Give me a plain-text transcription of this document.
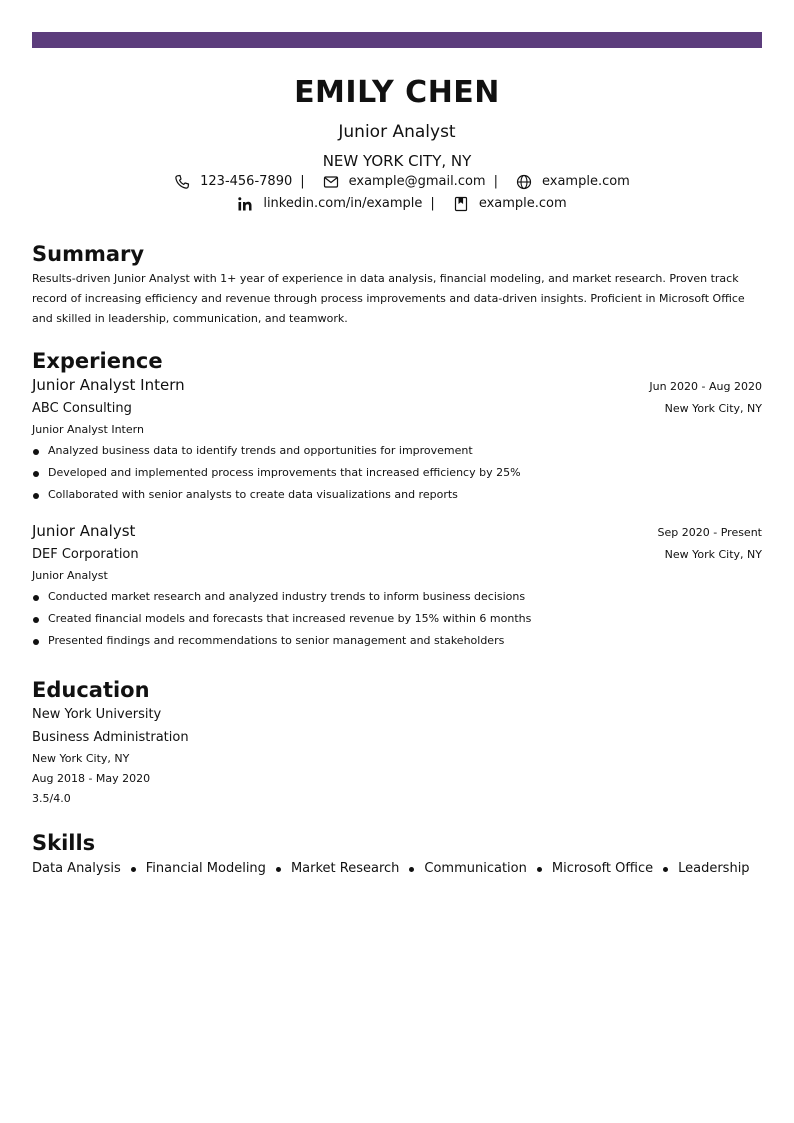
EMILY CHEN
Junior Analyst
NEW YORK CITY, NY
123-456-7890 |	example@gmail.com |	example.com
linkedin.com/in/example |	example.com
Summary
Results-driven Junior Analyst with 1+ year of experience in data analysis, financial modeling, and market research. Proven track record of increasing efficiency and revenue through process improvements and data-driven insights. Proficient in Microsoft Office and skilled in leadership, communication, and teamwork.
Experience
Junior Analyst Intern	Jun 2020 - Aug 2020
ABC Consulting	New York City, NY
Junior Analyst Intern
Analyzed business data to identify trends and opportunities for improvement
Developed and implemented process improvements that increased efficiency by 25%
Collaborated with senior analysts to create data visualizations and reports
Junior Analyst	Sep 2020 - Present
DEF Corporation	New York City, NY
Junior Analyst
Conducted market research and analyzed industry trends to inform business decisions
Created financial models and forecasts that increased revenue by 15% within 6 months
Presented findings and recommendations to senior management and stakeholders
Education
New York University
Business Administration
New York City, NY
Aug 2018 - May 2020
3.5/4.0
Skills
Data Analysis Financial Modeling Market Research Communication Microsoft Office Leadership
